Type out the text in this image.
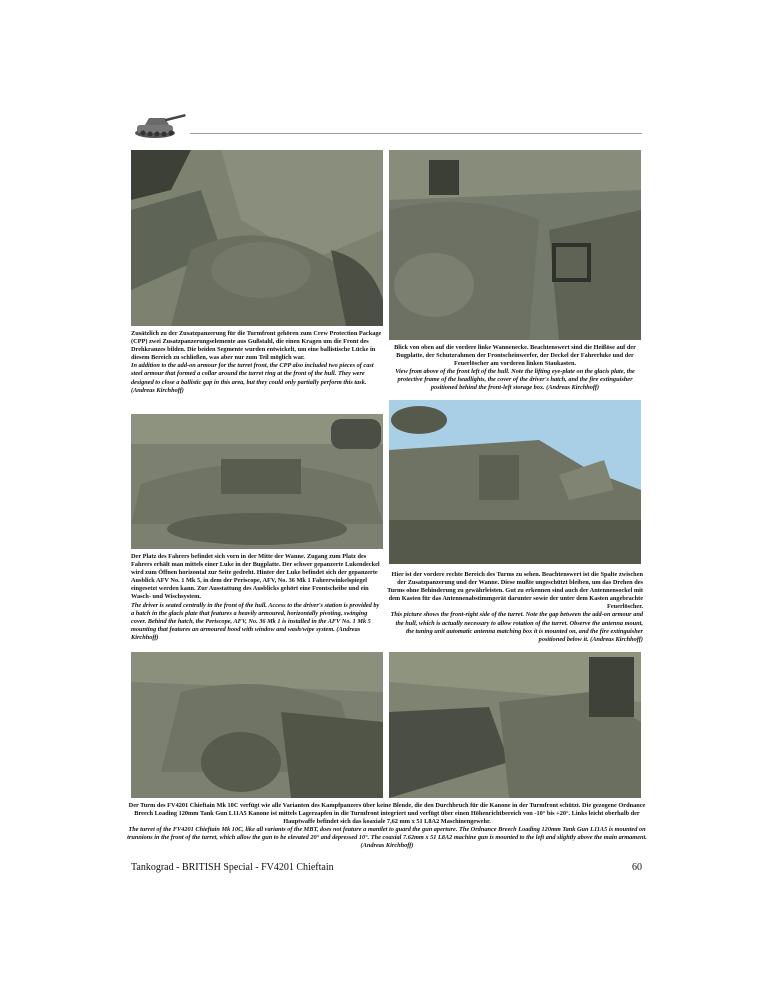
Zusätzlich zu der Zusatzpanzerung für die Turmfront gehören zum Crew Protection Package (CPP) zwei Zusatzpanzerungselemente aus Gußstahl, die einen Kragen um die Front des Drehkranzes bilden. Die beiden Segmente wurden entwickelt, um eine ballistische Lücke in diesem Bereich zu schließen, was aber nur zum Teil möglich war.

In addition to the add-on armour for the turret front, the CPP also included two pieces of cast steel armour that formed a collar around the turret ring at the front of the hull. They were designed to close a ballistic gap in this area, but they could only partially perform this task. (Andreas Kirchhoff)

Blick von oben auf die vordere linke Wannenecke. Beachtenswert sind die Heißöse auf der Bugplatte, der Schutzrahmen der Frontscheinwerfer, der Deckel der Fahrerluke und der Feuerlöscher am vorderen linken Staukasten.

View from above of the front left of the hull. Note the lifting eye-plate on the glacis plate, the protective frame of the headlights, the cover of the driver's hatch, and the fire extinguisher positioned behind the front-left storage box. (Andreas Kirchhoff)

Der Platz des Fahrers befindet sich vorn in der Mitte der Wanne. Zugang zum Platz des Fahrers erhält man mittels einer Luke in der Bugplatte. Der schwer gepanzerte Lukendeckel wird zum Öffnen horizontal zur Seite gedreht. Hinter der Luke befindet sich der gepanzerte Ausblick AFV No. 1 Mk 5, in dem der Periscope, AFV, No. 36 Mk 1 Fahrerwinkelspiegel eingesetzt werden kann. Zur Ausstattung des Ausblicks gehört eine Frontscheibe und ein Wasch- und Wischsystem.

The driver is seated centrally in the front of the hull. Access to the driver's station is provided by a hatch in the glacis plate that features a heavily armoured, horizontally pivoting, swinging cover. Behind the hatch, the Periscope, AFV, No. 36 Mk 1 is installed in the AFV No. 1 Mk 5 mounting that features an armoured hood with window and wash/wipe system. (Andreas Kirchhoff)

Hier ist der vordere rechte Bereich des Turms zu sehen. Beachtenswert ist die Spalte zwischen der Zusatzpanzerung und der Wanne. Diese mußte ungeschützt bleiben, um das Drehen des Turms ohne Behinderung zu gewährleisten. Gut zu erkennen sind auch der Antennensockel mit dem Kasten für das Antennenabstimmgerät darunter sowie der unter dem Kasten angebrachte Feuerlöscher.

This picture shows the front-right side of the turret. Note the gap between the add-on armour and the hull, which is actually necessary to allow rotation of the turret. Observe the antenna mount, the tuning unit automatic antenna matching box it is mounted on, and the fire extinguisher positioned below it. (Andreas Kirchhoff)

Der Turm des FV4201 Chieftain Mk 10C verfügt wie alle Varianten des Kampfpanzers über keine Blende, die den Durchbruch für die Kanone in der Turmfront schützt. Die gezogene Ordnance Breech Loading 120mm Tank Gun L11A5 Kanone ist mittels Lagerzapfen in die Turmfront integriert und verfügt über einen Höhenrichtbereich von -10° bis +20°. Links leicht oberhalb der Hauptwaffe befindet sich das koaxiale 7,62 mm x 51 L8A2 Maschinengewehr.

The turret of the FV4201 Chieftain Mk 10C, like all variants of the MBT, does not feature a mantlet to guard the gun aperture. The Ordnance Breech Loading 120mm Tank Gun L11A5 is mounted on trunnions in the front of the turret, which allow the gun to be elevated 20° and depressed 10°. The coaxial 7.62mm x 51 L8A2 machine gun is mounted to the left and slightly above the main armament. (Andreas Kirchhoff)

Tankograd - BRITISH Special - FV4201 Chieftain	60
